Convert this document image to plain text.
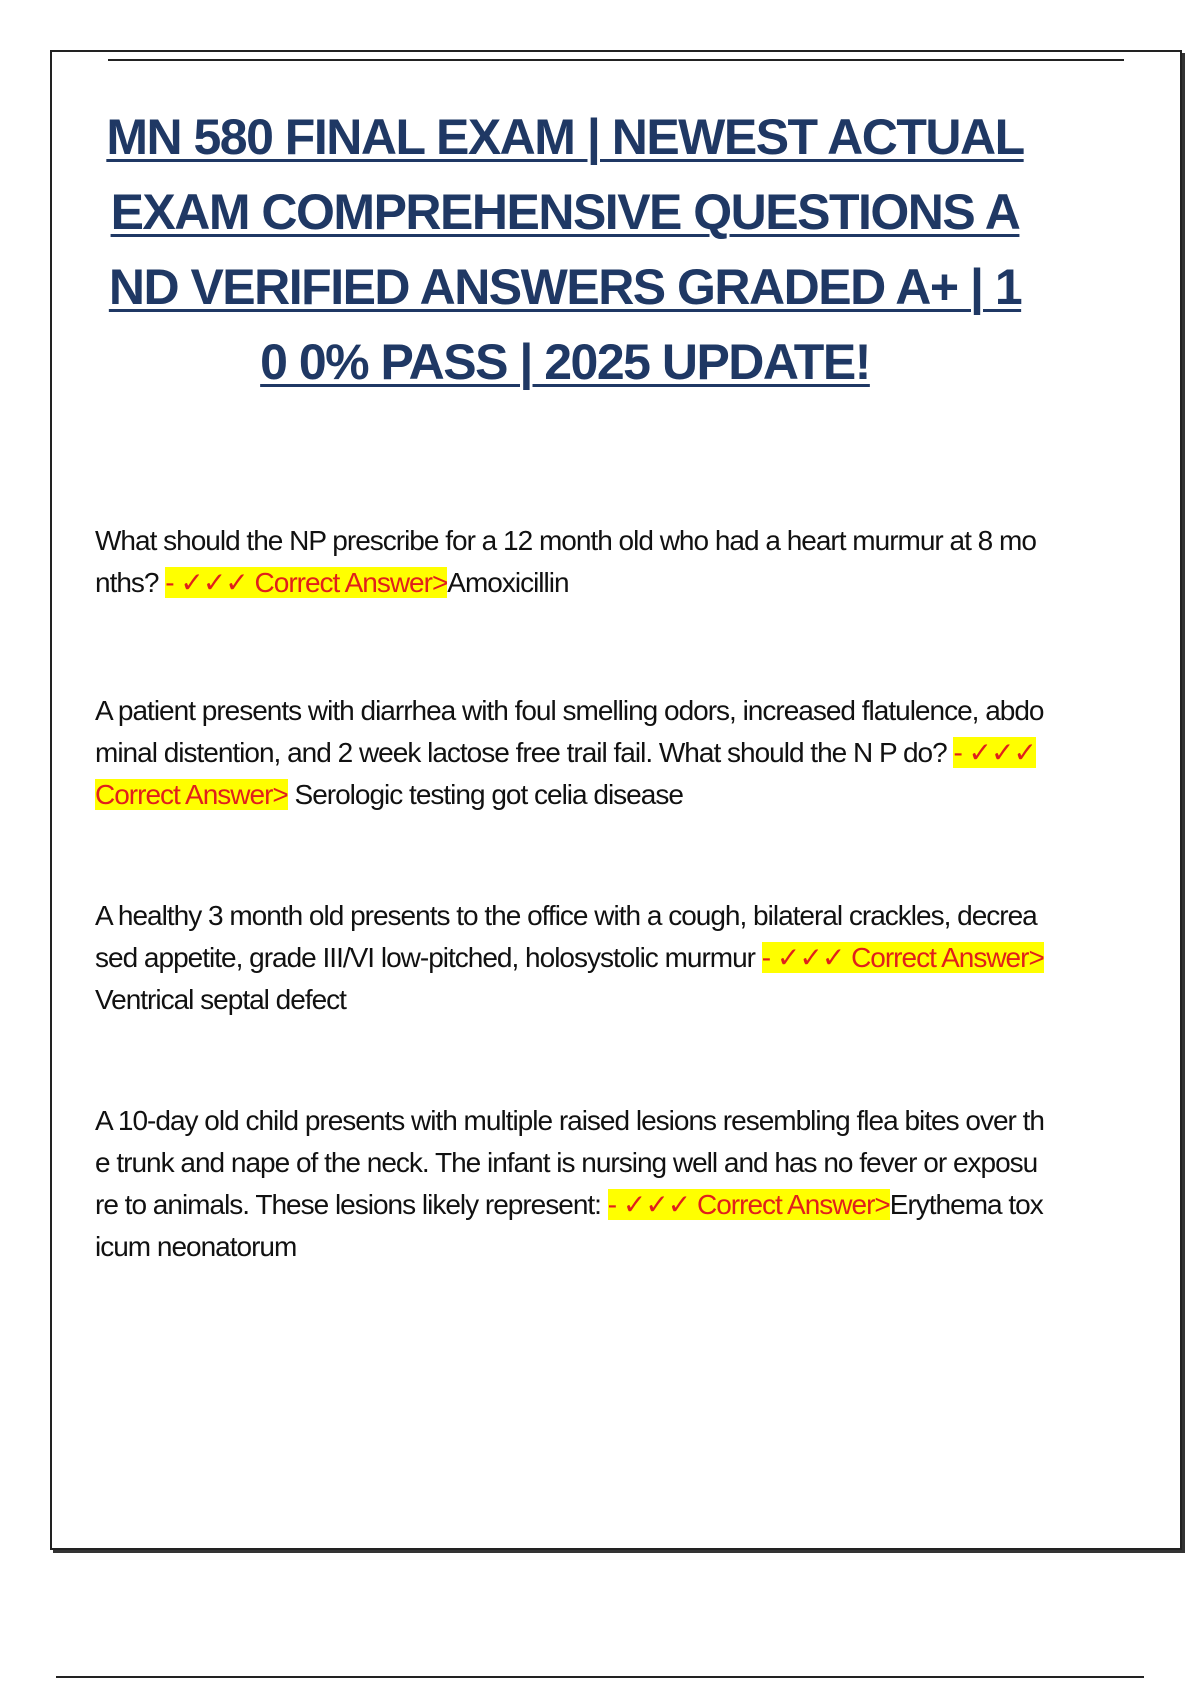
MN 580 FINAL EXAM | NEWEST ACTUAL EXAM COMPREHENSIVE QUESTIONS A ND VERIFIED ANSWERS GRADED A+ | 10 0% PASS | 2025 UPDATE!
What should the NP prescribe for a 12 month old who had a heart murmur at 8 months? - ✓✓✓ Correct Answer>Amoxicillin
A patient presents with diarrhea with foul smelling odors, increased flatulence, abdominal distention, and 2 week lactose free trail fail. What should the N P do? - ✓✓✓ Correct Answer> Serologic testing got celia disease
A healthy 3 month old presents to the office with a cough, bilateral crackles, decreased appetite, grade III/VI low-pitched, holosystolic murmur - ✓✓✓ Correct Answer>Ventrical septal defect
A 10-day old child presents with multiple raised lesions resembling flea bites over the trunk and nape of the neck. The infant is nursing well and has no fever or exposure to animals. These lesions likely represent: - ✓✓✓ Correct Answer>Erythema toxicum neonatorum
